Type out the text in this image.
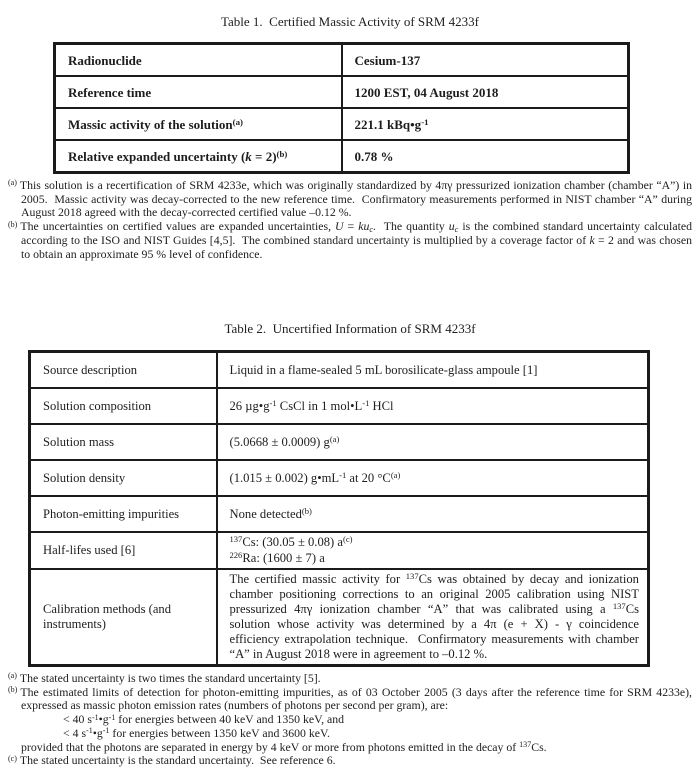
Table 1.  Certified Massic Activity of SRM 4233f
Radionuclide	Cesium-137
Reference time	1200 EST, 04 August 2018
Massic activity of the solution$^{(a)}$	221.1 $kBq•g^{-1}$
Relative expanded uncertainty (k = 2)$^{(b)}$	0.78 %
$^{(a)}$ This solution is a recertification of SRM 4233e, which was originally standardized by 4πγ pressurized ionization chamber (chamber “A”) in 2005.  Massic activity was decay-corrected to the new reference time.  Confirmatory measurements performed in NIST chamber “A” during August 2018 agreed with the decay-corrected certified value –0.12 %.
$^{(b)}$ The uncertainties on certified values are expanded uncertainties, $U = ku_c$.  The quantity $u_c$ is the combined standard uncertainty calculated according to the ISO and NIST Guides [4,5].  The combined standard uncertainty is multiplied by a coverage factor of k = 2 and was chosen to obtain an approximate 95 % level of confidence.
Table 2.  Uncertified Information of SRM 4233f
Source description	Liquid in a flame-sealed 5 mL borosilicate-glass ampoule [1]

Solution composition	26 $\mu g•g^{-1}$ CsCl in 1 $mol•L^{-1}$ HCl

Solution mass	(5.0668 ± 0.0009) $g^{(a)}$

Solution density	(1.015 ± 0.002) $g•mL^{-1}$ at 20 $^\circ C^{(a)}$

Photon-emitting impurities	None detected$^{(b)}$

Half-lifes used [6]	$^{137}$Cs: (30.05 ± 0.08) $a^{(c)}$
$^{226}$Ra: (1600 ± 7) a

Calibration methods (and instruments)	The certified massic activity for $^{137}$Cs was obtained by decay and ionization chamber positioning corrections to an original 2005 calibration using NIST pressurized 4πγ ionization chamber “A” that was calibrated using a $^{137}$Cs solution whose activity was determined by a 4π (e + X) - γ coincidence efficiency extrapolation technique.  Confirmatory measurements with chamber “A” in August 2018 were in agreement to –0.12 %.
$^{(a)}$ The stated uncertainty is two times the standard uncertainty [5].
$^{(b)}$ The estimated limits of detection for photon-emitting impurities, as of 03 October 2005 (3 days after the reference time for SRM 4233e), expressed as massic photon emission rates (numbers of photons per second per gram), are:
< 40 $s^{-1}•g^{-1}$ for energies between 40 keV and 1350 keV, and
< 4 $s^{-1}•g^{-1}$ for energies between 1350 keV and 3600 keV.
provided that the photons are separated in energy by 4 keV or more from photons emitted in the decay of $^{137}$Cs.
$^{(c)}$ The stated uncertainty is the standard uncertainty.  See reference 6.
